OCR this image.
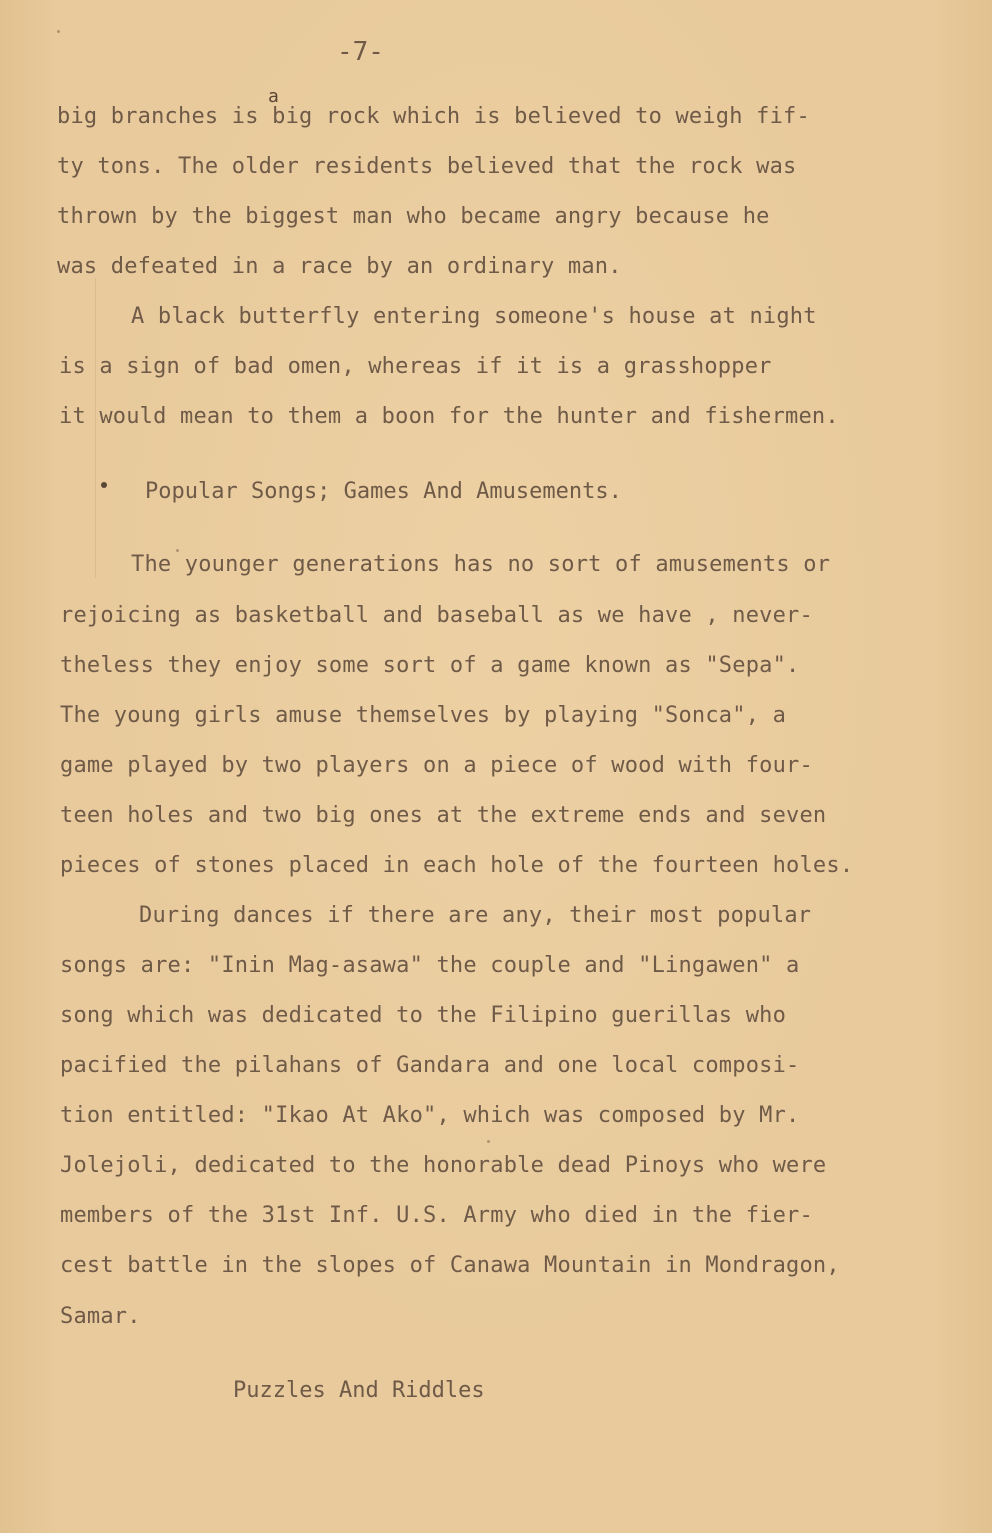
-7-
a
big branches is big rock which is believed to weigh fif-
ty tons. The older residents believed that the rock was
thrown by the biggest man who became angry because he
was defeated in a race by an ordinary man.
A black butterfly entering someone's house at night
is a sign of bad omen, whereas if it is a grasshopper
it would mean to them a boon for the hunter and fishermen.
Popular Songs; Games And Amusements.
The younger generations has no sort of amusements or
rejoicing as basketball and baseball as we have , never-
theless they enjoy some sort of a game known as "Sepa".
The young girls amuse themselves by playing "Sonca", a
game played by two players on a piece of wood with four-
teen holes and two big ones at the extreme ends and seven
pieces of stones placed in each hole of the fourteen holes.
During dances if there are any, their most popular
songs are: "Inin Mag-asawa" the couple and "Lingawen" a
song which was dedicated to the Filipino guerillas who
pacified the pilahans of Gandara and one local composi-
tion entitled: "Ikao At Ako", which was composed by Mr.
Jolejoli, dedicated to the honorable dead Pinoys who were
members of the 31st Inf. U.S. Army who died in the fier-
cest battle in the slopes of Canawa Mountain in Mondragon,
Samar.
Puzzles And Riddles
